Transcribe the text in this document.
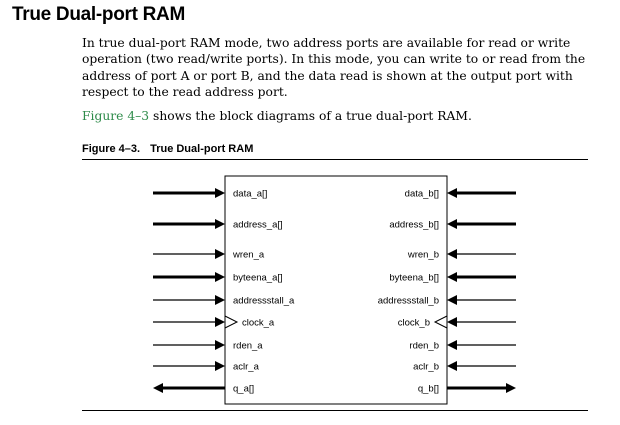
True Dual-port RAM

In true dual-port RAM mode, two address ports are available for read or write operation (two read/write ports). In this mode, you can write to or read from the address of port A or port B, and the data read is shown at the output port with respect to the read address port.

Figure 4–3 shows the block diagrams of a true dual-port RAM.

Figure 4–3. True Dual-port RAM
data_a[]	data_b[]
address_a[]	address_b[]
wren_a	wren_b
byteena_a[]	byteena_b[]
addressstall_a	addressstall_b
clock_a	clock_b
rden_a	rden_b
aclr_a	aclr_b
q_a[]	q_b[]
